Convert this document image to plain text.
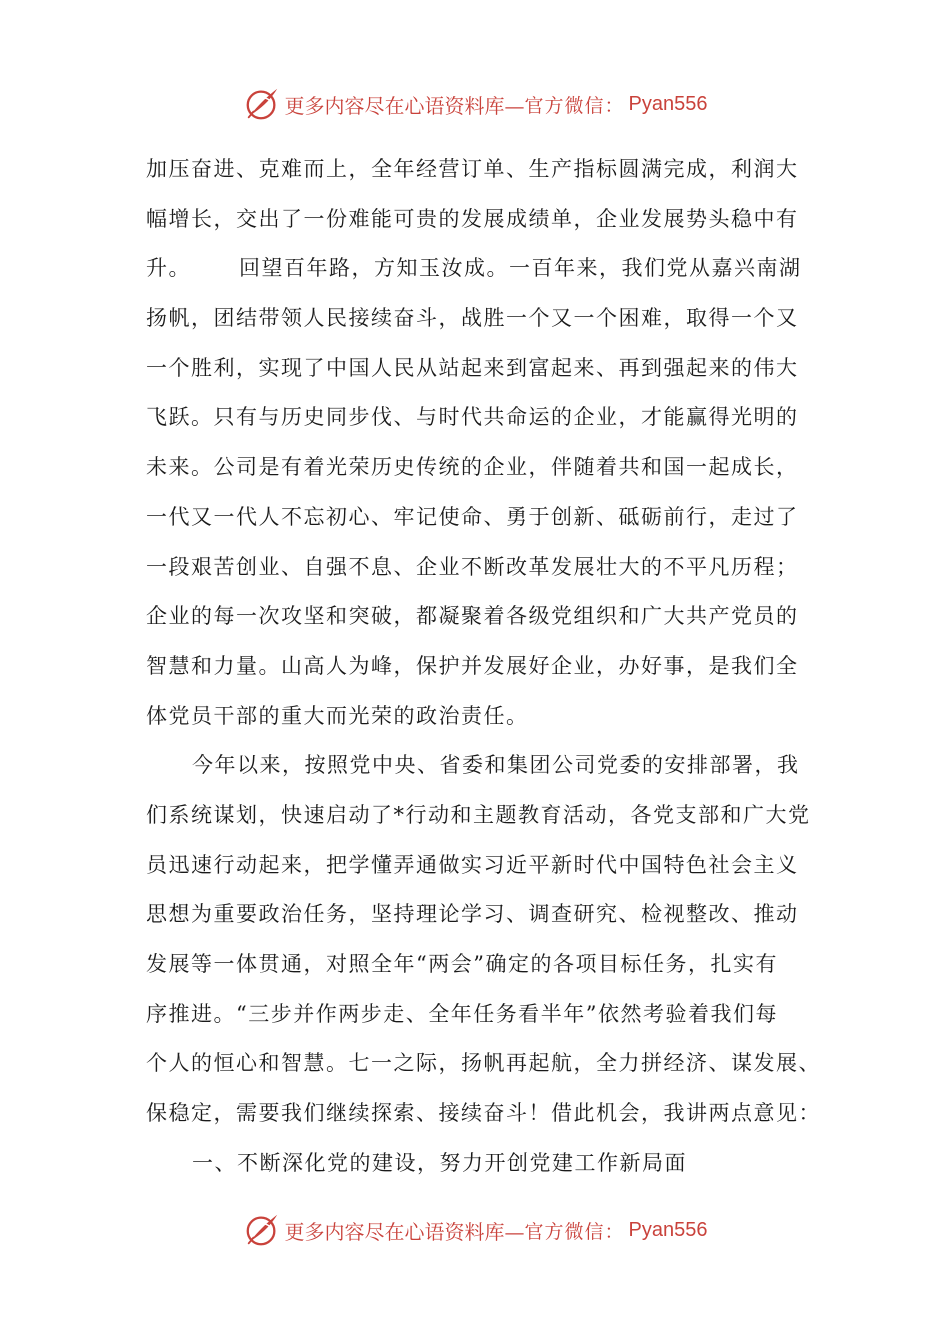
更多内容尽在心语资料库— 官方微信： Pyan556
加压奋进、克难而上，全年经营订单、生产指标圆满完成，利润大
幅增长，交出了一份难能可贵的发展成绩单，企业发展势头稳中有
升。 回望百年路，方知玉汝成。一百年来，我们党从嘉兴南湖
扬帆，团结带领人民接续奋斗，战胜一个又一个困难，取得一个又
一个胜利，实现了中国人民从站起来到富起来、再到强起来的伟大
飞跃。只有与历史同步伐、与时代共命运的企业，才能赢得光明的
未来。公司是有着光荣历史传统的企业，伴随着共和国一起成长，
一代又一代人不忘初心、牢记使命、勇于创新、砥砺前行，走过了
一段艰苦创业、自强不息、企业不断改革发展壮大的不平凡历程；
企业的每一次攻坚和突破，都凝聚着各级党组织和广大共产党员的
智慧和力量。山高人为峰，保护并发展好企业，办好事，是我们全
体党员干部的重大而光荣的政治责任。
今年以来，按照党中央、省委和集团公司党委的安排部署，我
们系统谋划，快速启动了*行动和主题教育活动，各党支部和广大党
员迅速行动起来，把学懂弄通做实习近平新时代中国特色社会主义
思想为重要政治任务，坚持理论学习、调查研究、检视整改、推动
发展等一体贯通，对照全年“两会”确定的各项目标任务，扎实有
序推进。“三步并作两步走、全年任务看半年”依然考验着我们每
个人的恒心和智慧。七一之际，扬帆再起航，全力拼经济、谋发展、
保稳定，需要我们继续探索、接续奋斗！借此机会，我讲两点意见：
一、不断深化党的建设，努力开创党建工作新局面
更多内容尽在心语资料库— 官方微信： Pyan556
